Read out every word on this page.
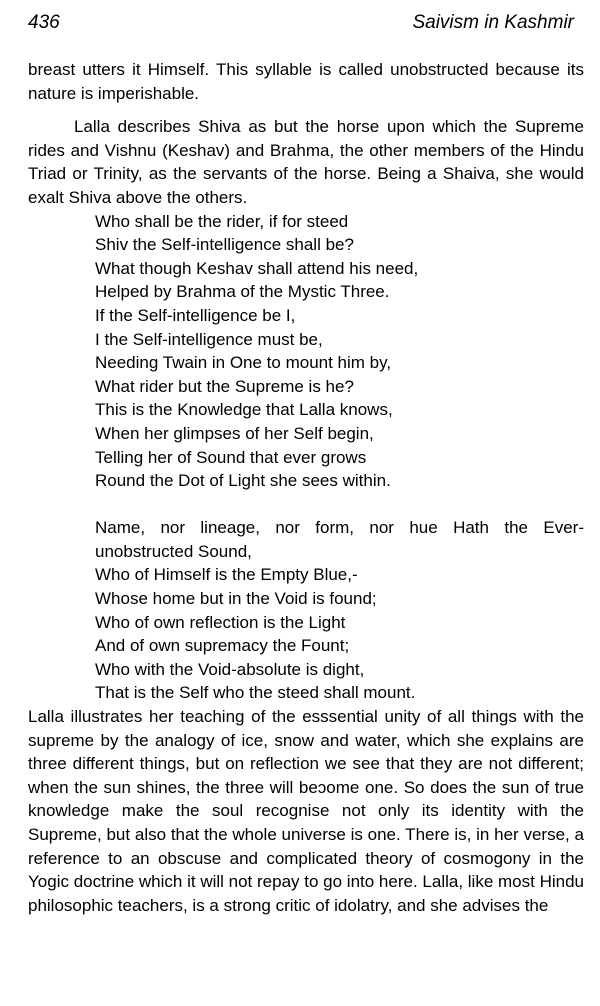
436	Saivism in Kashmir

breast utters it Himself. This syllable is called unobstructed because its nature is imperishable.

Lalla describes Shiva as but the horse upon which the Supreme rides and Vishnu (Keshav) and Brahma, the other members of the Hindu Triad or Trinity, as the servants of the horse. Being a Shaiva, she would exalt Shiva above the others.

Who shall be the rider, if for steed
Shiv the Self-intelligence shall be?
What though Keshav shall attend his need,
Helped by Brahma of the Mystic Three.
If the Self-intelligence be I,
I the Self-intelligence must be,
Needing Twain in One to mount him by,
What rider but the Supreme is he?
This is the Knowledge that Lalla knows,
When her glimpses of her Self begin,
Telling her of Sound that ever grows
Round the Dot of Light she sees within.
Name, nor lineage, nor form, nor hue Hath the Ever-unobstructed Sound,
Who of Himself is the Empty Blue,-
Whose home but in the Void is found;
Who of own reflection is the Light
And of own supremacy the Fount;
Who with the Void-absolute is dight,
That is the Self who the steed shall mount.

Lalla illustrates her teaching of the esssential unity of all things with the supreme by the analogy of ice, snow and water, which she explains are three different things, but on reflection we see that they are not different; when the sun shines, the three will beɔome one. So does the sun of true knowledge make the soul recognise not only its identity with the Supreme, but also that the whole universe is one. There is, in her verse, a reference to an obscuse and complicated theory of cosmogony in the Yogic doctrine which it will not repay to go into here. Lalla, like most Hindu philosophic teachers, is a strong critic of idolatry, and she advises the
